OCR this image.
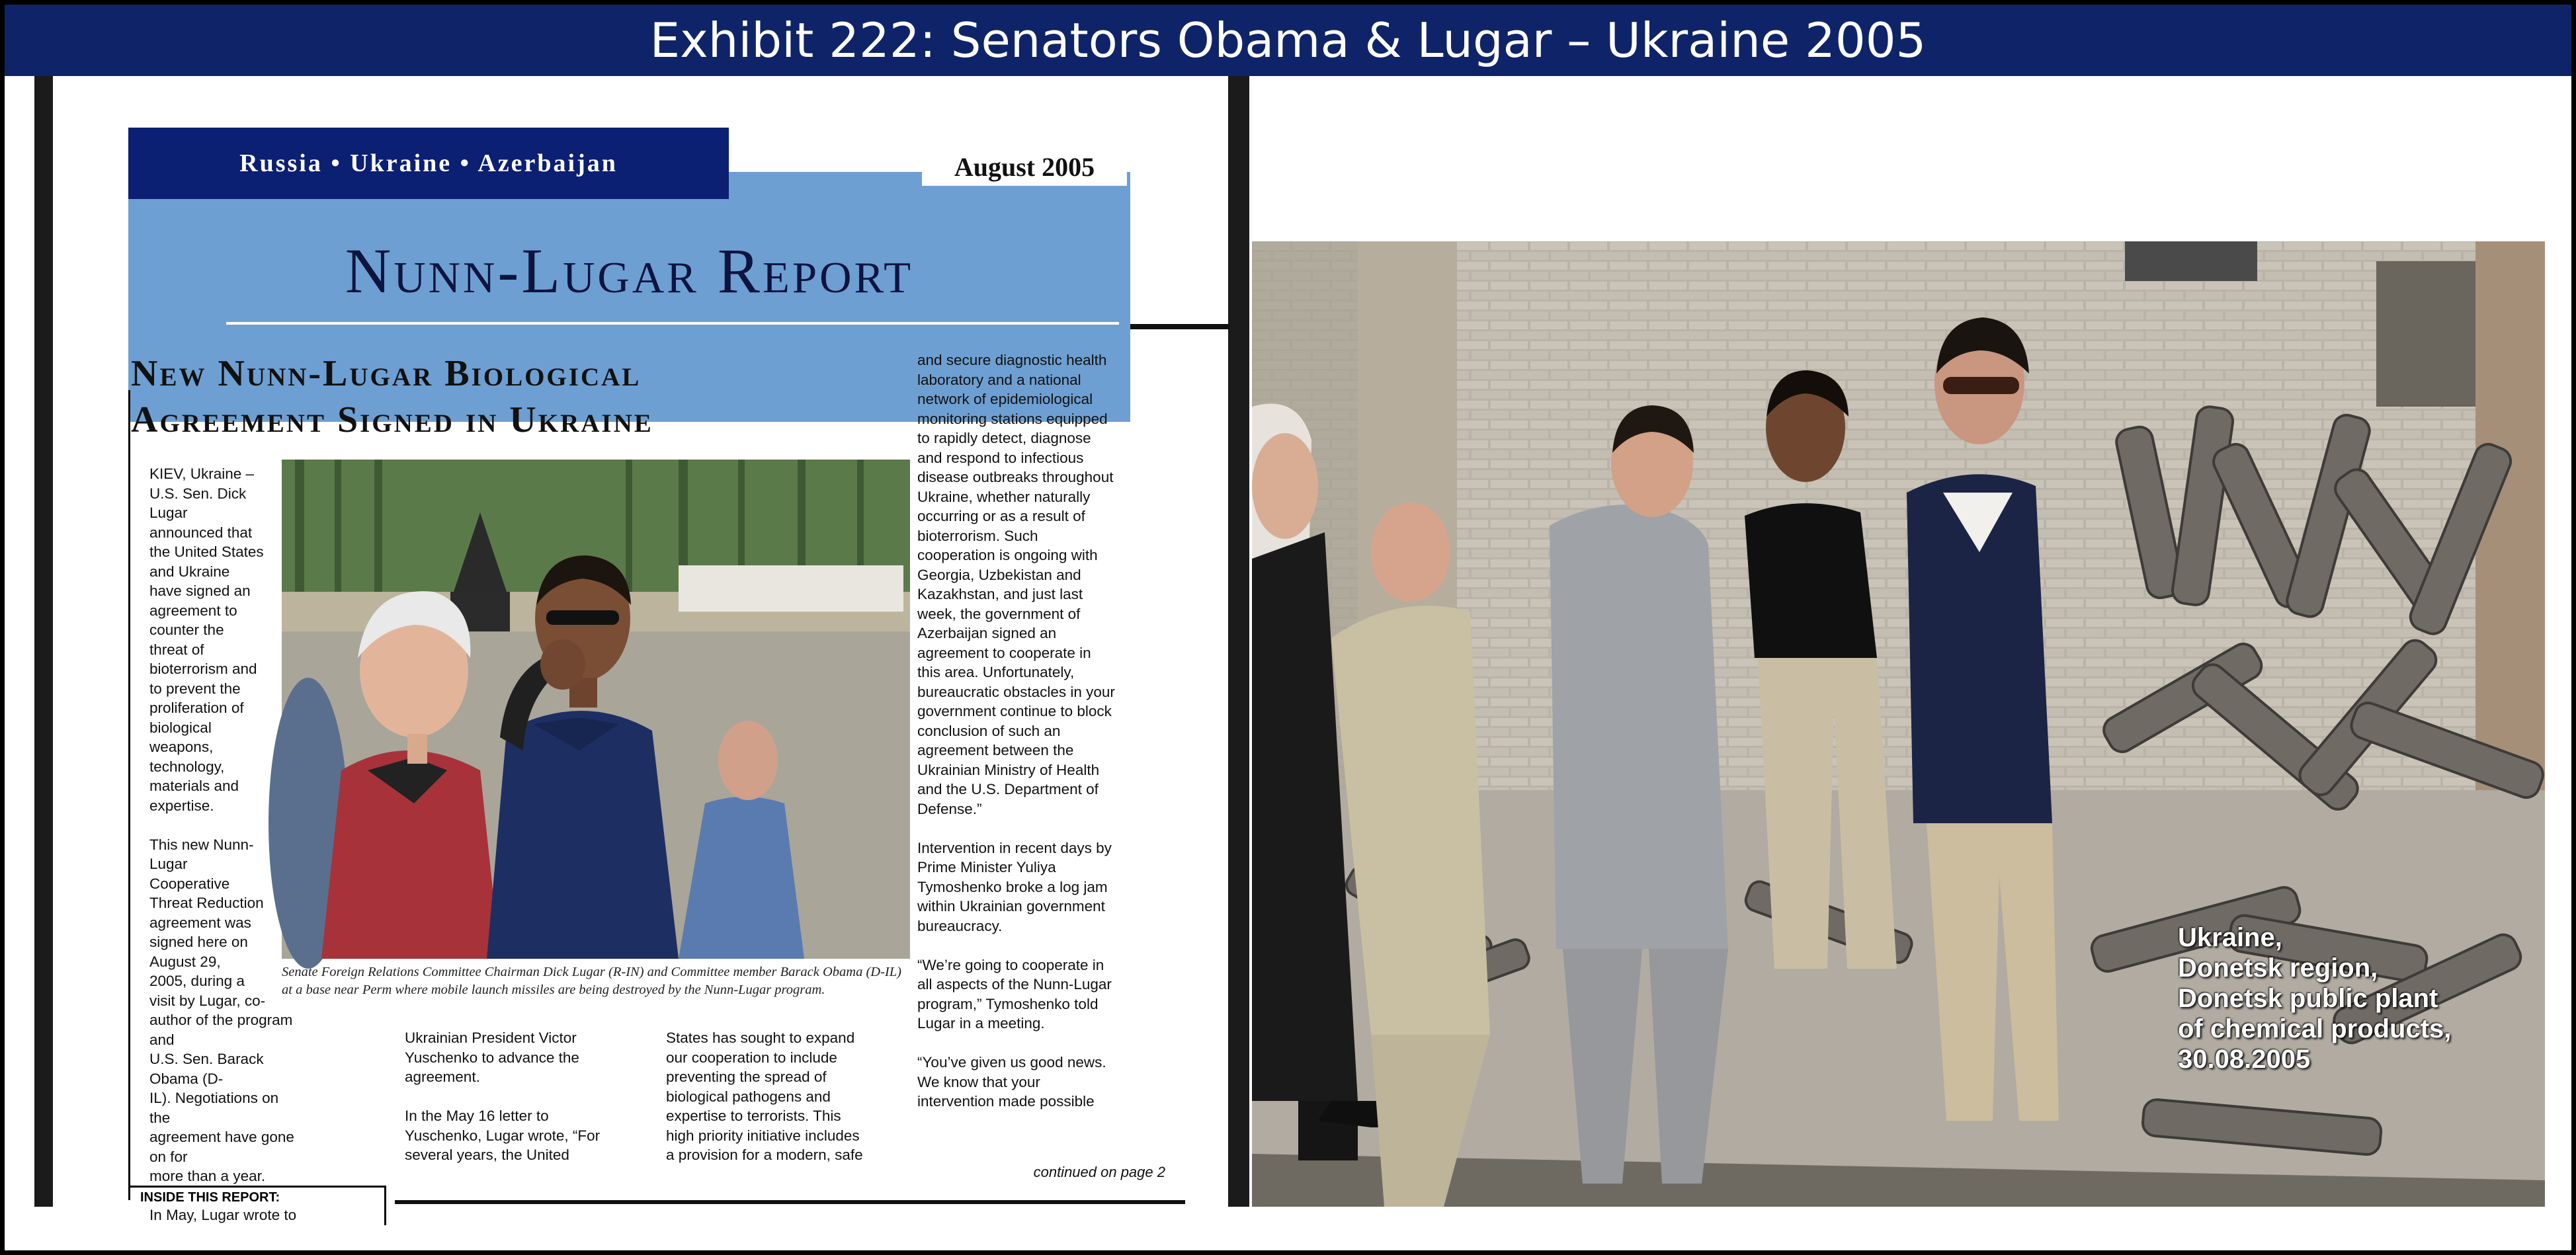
Exhibit 222: Senators Obama & Lugar – Ukraine 2005
Russia • Ukraine • Azerbaijan	August 2005
Nunn-Lugar Report
New Nunn-Lugar Biological
Agreement Signed in Ukraine

KIEV, Ukraine –
U.S. Sen. Dick
Lugar
announced that
the United States
and Ukraine
have signed an
agreement to
counter the
threat of
bioterrorism and
to prevent the
proliferation of
biological
weapons,
technology,
materials and
expertise.

This new Nunn-
Lugar
Cooperative
Threat Reduction
agreement was
signed here on
August 29,
2005, during a
visit by Lugar, co-
author of the program and
U.S. Sen. Barack Obama (D-
IL). Negotiations on the
agreement have gone on for
more than a year.

In May, Lugar wrote to

Senate Foreign Relations Committee Chairman Dick Lugar (R-IN) and Committee member Barack Obama (D-IL) at a base near Perm where mobile launch missiles are being destroyed by the Nunn-Lugar program.

Ukrainian President Victor
Yuschenko to advance the
agreement.

In the May 16 letter to
Yuschenko, Lugar wrote, “For
several years, the United

States has sought to expand
our cooperation to include
preventing the spread of
biological pathogens and
expertise to terrorists. This
high priority initiative includes
a provision for a modern, safe

and secure diagnostic health
laboratory and a national
network of epidemiological
monitoring stations equipped
to rapidly detect, diagnose
and respond to infectious
disease outbreaks throughout
Ukraine, whether naturally
occurring or as a result of
bioterrorism. Such
cooperation is ongoing with
Georgia, Uzbekistan and
Kazakhstan, and just last
week, the government of
Azerbaijan signed an
agreement to cooperate in
this area. Unfortunately,
bureaucratic obstacles in your
government continue to block
conclusion of such an
agreement between the
Ukrainian Ministry of Health
and the U.S. Department of
Defense.”

Intervention in recent days by
Prime Minister Yuliya
Tymoshenko broke a log jam
within Ukrainian government
bureaucracy.

“We’re going to cooperate in
all aspects of the Nunn-Lugar
program,” Tymoshenko told
Lugar in a meeting.

“You’ve given us good news.
We know that your
intervention made possible

continued on page 2
INSIDE THIS REPORT:
Ukraine,
Donetsk region,
Donetsk public plant
of chemical products,
30.08.2005
